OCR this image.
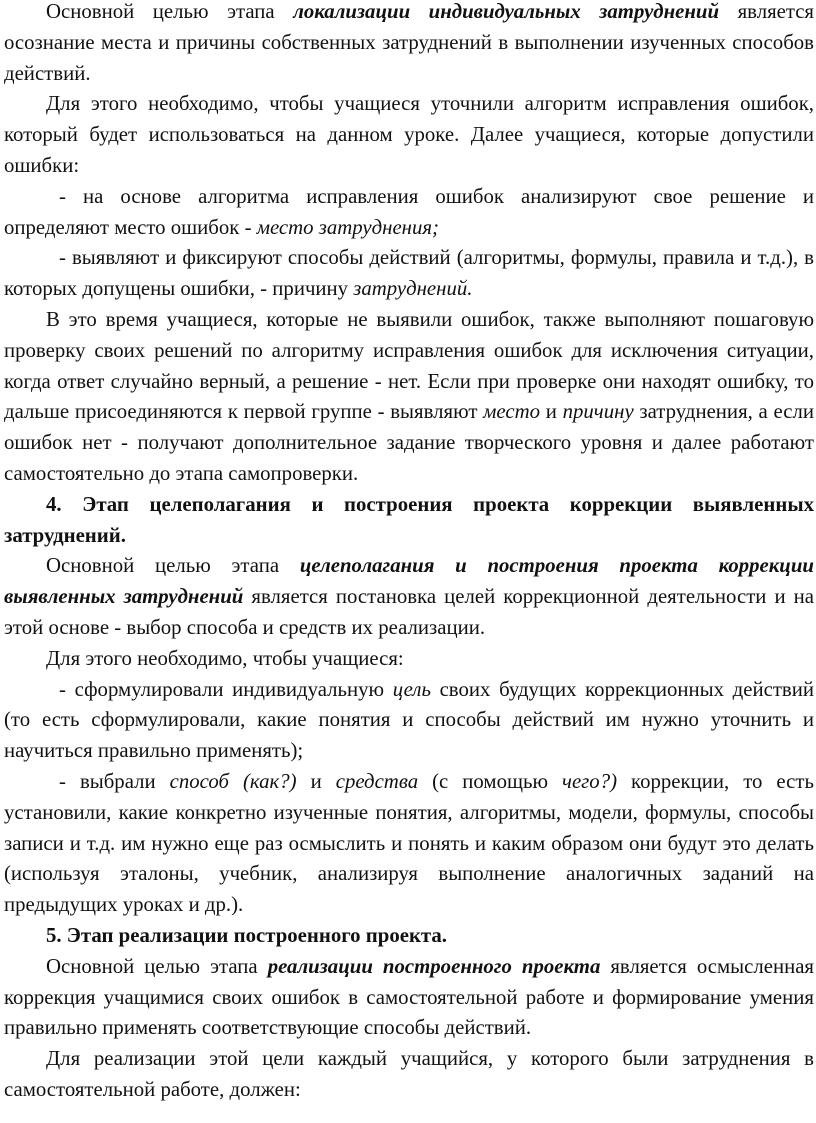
Основной целью этапа локализации индивидуальных затруднений является осознание места и причины собственных затруднений в выполнении изученных способов действий.

Для этого необходимо, чтобы учащиеся уточнили алгоритм исправления ошибок, который будет использоваться на данном уроке. Далее учащиеся, которые допустили ошибки:

- на основе алгоритма исправления ошибок анализируют свое решение и определяют место ошибок - место затруднения;

- выявляют и фиксируют способы действий (алгоритмы, формулы, правила и т.д.), в которых допущены ошибки, - причину затруднений.

В это время учащиеся, которые не выявили ошибок, также выполняют пошаговую проверку своих решений по алгоритму исправления ошибок для исключения ситуации, когда ответ случайно верный, а решение - нет. Если при проверке они находят ошибку, то дальше присоединяются к первой группе - выявляют место и причину затруднения, а если ошибок нет - получают дополнительное задание творческого уровня и далее работают самостоятельно до этапа самопроверки.

4. Этап целеполагания и построения проекта коррекции выявленных затруднений.

Основной целью этапа целеполагания и построения проекта коррекции выявленных затруднений является постановка целей коррекционной деятельности и на этой основе - выбор способа и средств их реализации.

Для этого необходимо, чтобы учащиеся:

- сформулировали индивидуальную цель своих будущих коррекционных действий (то есть сформулировали, какие понятия и способы действий им нужно уточнить и научиться правильно применять);

- выбрали способ (как?) и средства (с помощью чего?) коррекции, то есть установили, какие конкретно изученные понятия, алгоритмы, модели, формулы, способы записи и т.д. им нужно еще раз осмыслить и понять и каким образом они будут это делать (используя эталоны, учебник, анализируя выполнение аналогичных заданий на предыдущих уроках и др.).

5. Этап реализации построенного проекта.

Основной целью этапа реализации построенного проекта является осмысленная коррекция учащимися своих ошибок в самостоятельной работе и формирование умения правильно применять соответствующие способы действий.

Для реализации этой цели каждый учащийся, у которого были затруднения в самостоятельной работе, должен:
